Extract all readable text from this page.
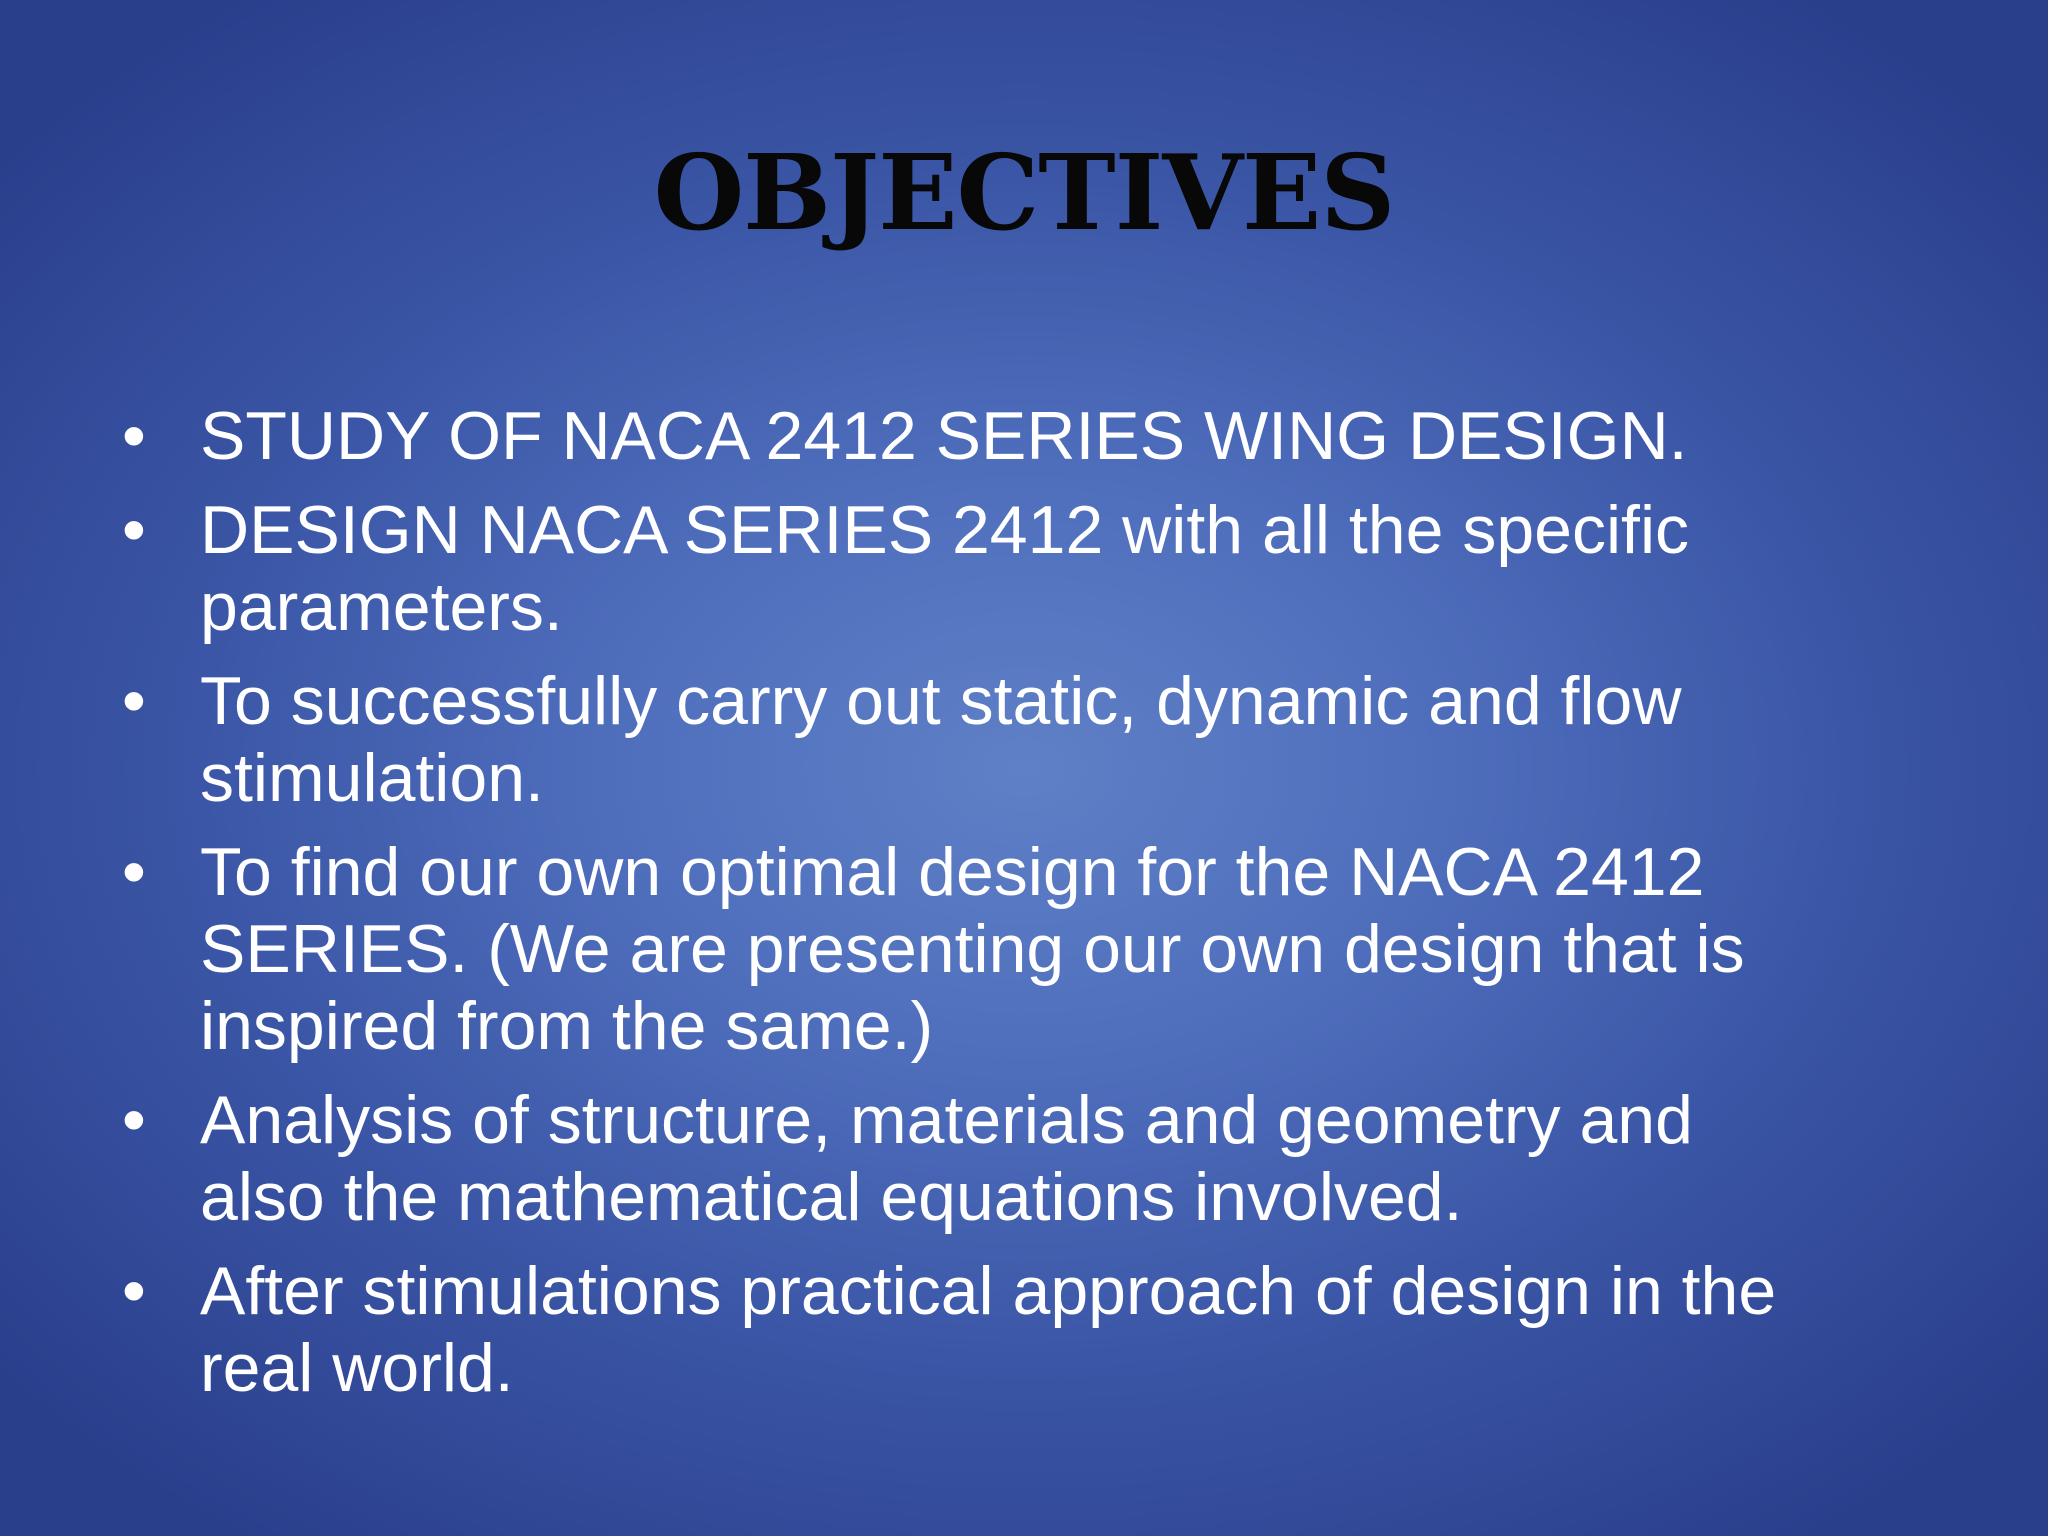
OBJECTIVES
• STUDY OF NACA 2412 SERIES WING DESIGN.
• DESIGN NACA SERIES 2412 with all the specific
parameters.
• To successfully carry out static, dynamic and flow
stimulation.
• To find our own optimal design for the NACA 2412
SERIES. (We are presenting our own design that is
inspired from the same.)
• Analysis of structure, materials and geometry and
also the mathematical equations involved.
• After stimulations practical approach of design in the
real world.
